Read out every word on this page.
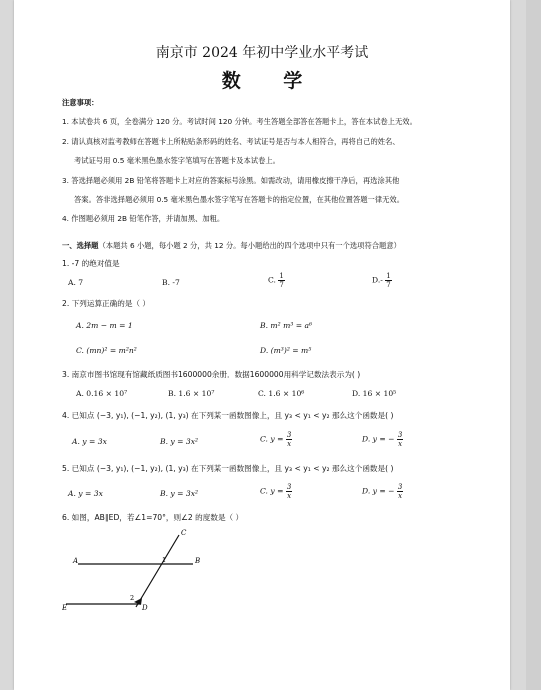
南京市 2024 年初中学业水平考试
数 学
注意事项：
1. 本试卷共 6 页，全卷满分 120 分。考试时间 120 分钟。考生答题全部答在答题卡上，答在本试卷上无效。
2. 请认真核对监考教师在答题卡上所粘贴条形码的姓名、考试证号是否与本人相符合，再将自己的姓名、
考试证号用 0.5 毫米黑色墨水签字笔填写在答题卡及本试卷上。
3. 答选择题必须用 2B 铅笔将答题卡上对应的答案标号涂黑。如需改动，请用橡皮擦干净后，再选涂其他
答案。答非选择题必须用 0.5 毫米黑色墨水签字笔写在答题卡的指定位置，在其他位置答题一律无效。
4. 作图题必须用 2B 铅笔作答，并请加黑、加粗。
一、选择题（本题共 6 小题，每小题 2 分，共 12 分。每小题给出的四个选项中只有一个选项符合题意）
1. -7 的绝对值是
A. 7	B. -7	C. $\frac{1}{7}$	$D.- \frac{1}{7}$
2. 下列运算正确的是（ ）
A. 2m − m = 1	B. m² m³ = a⁶
C. (mn)² = m²n²	D. (m³)² = m⁵
3. 南京市图书馆现有馆藏纸质图书1600000余册．数据1600000用科学记数法表示为( )
A. 0.16 × 10⁷	B. 1.6 × 10⁷	C. 1.6 × 10⁶	D. 16 × 10⁵
4. 已知点 (−3, y₁), (−1, y₂), (1, y₃) 在下列某一函数图像上，且 y₃ < y₁ < y₂ 那么这个函数是( )
A. y = 3x	B. y = 3x²	C. $y = \frac{3}{x}$	D. y = − $\frac{3}{x}$
5. 已知点 (−3, y₁), (−1, y₂), (1, y₃) 在下列某一函数图像上，且 y₃ < y₁ < y₂ 那么这个函数是( )
A. y = 3x	B. y = 3x²	C. $y = \frac{3}{x}$	D. y = − $\frac{3}{x}$
6. 如图，AB∥ED，若∠1=70°，则∠2 的度数是（ ）
C
A	B
E	D
1
2
